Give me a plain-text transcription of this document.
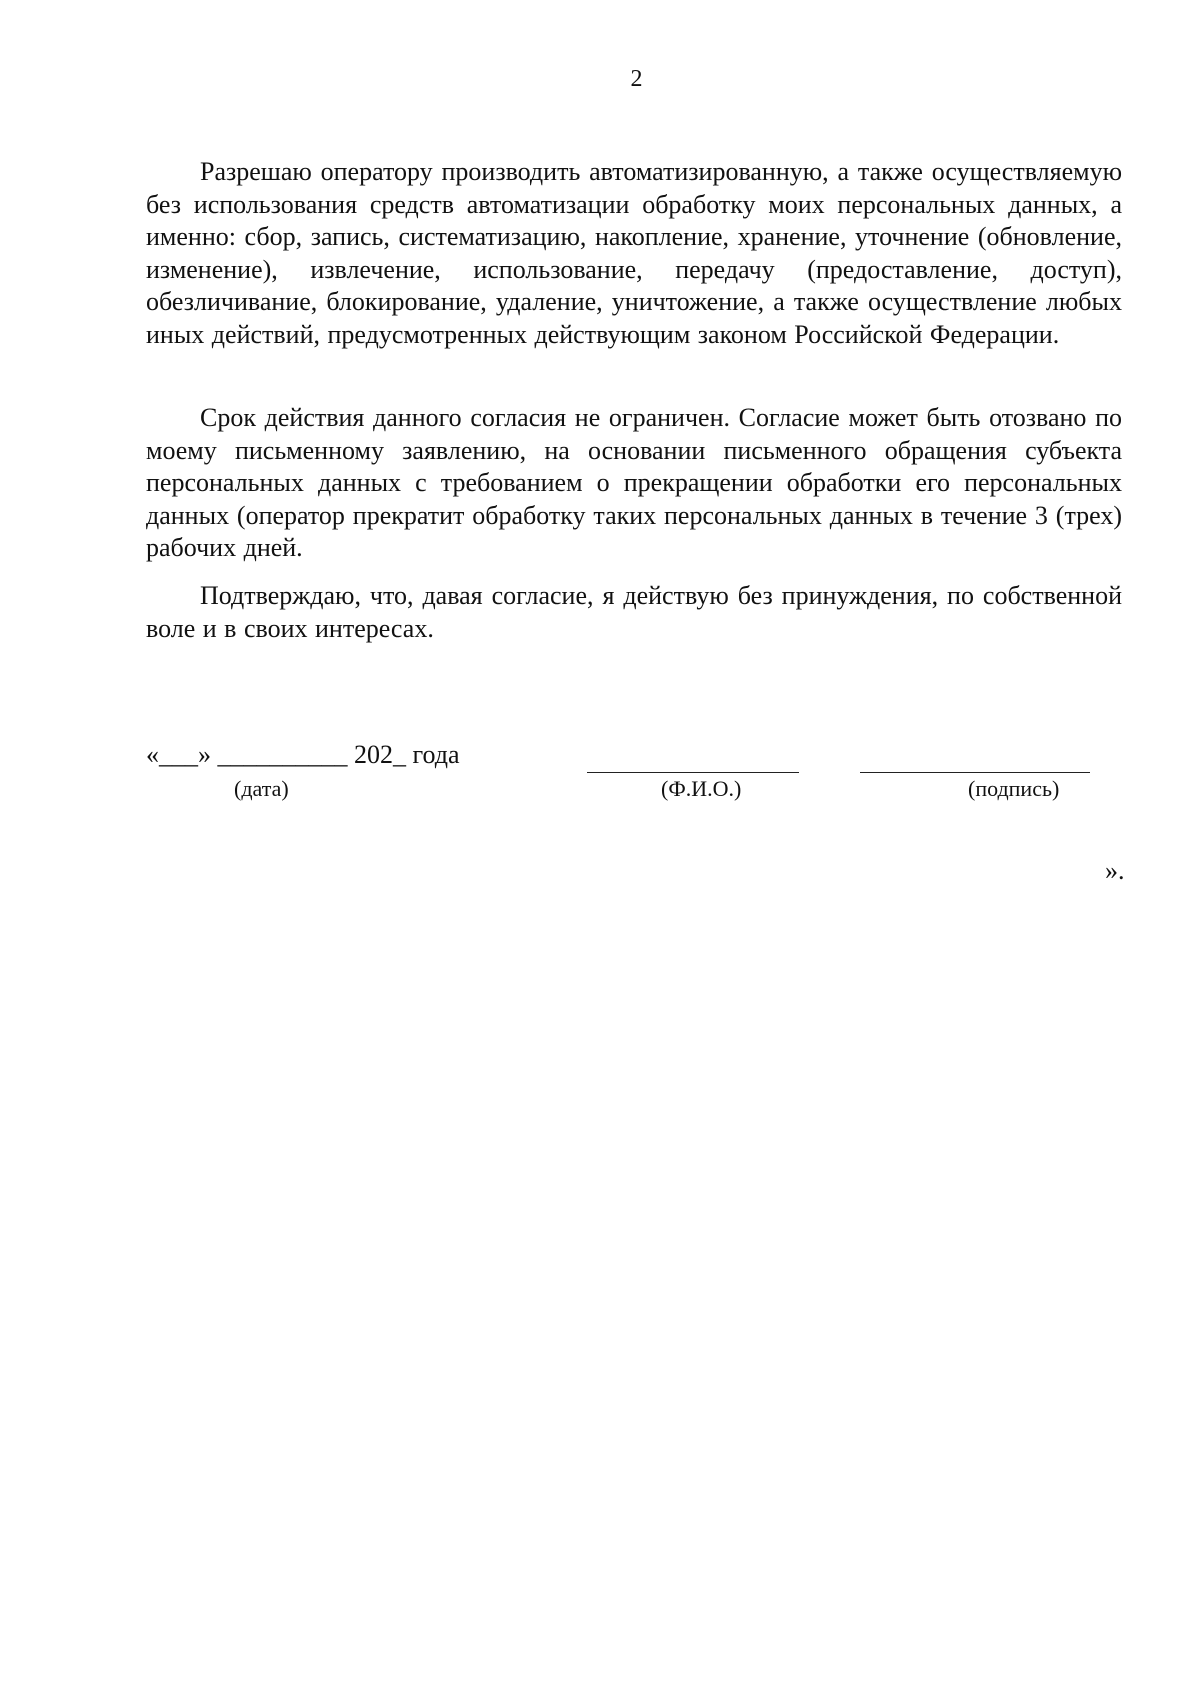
2

Разрешаю оператору производить автоматизированную, а также осуществляемую без использования средств автоматизации обработку моих персональных данных, а именно: сбор, запись, систематизацию, накопление, хранение, уточнение (обновление, изменение), извлечение, использование, передачу (предоставление, доступ), обезличивание, блокирование, удаление, уничтожение, а также осуществление любых иных действий, предусмотренных действующим законом Российской Федерации.

Срок действия данного согласия не ограничен. Согласие может быть отозвано по моему письменному заявлению, на основании письменного обращения субъекта персональных данных с требованием о прекращении обработки его персональных данных (оператор прекратит обработку таких персональных данных в течение 3 (трех) рабочих дней.

Подтверждаю, что, давая согласие, я действую без принуждения, по собственной воле и в своих интересах.

«___» __________ 202_ года
(дата)	(Ф.И.О.)	(подпись)
».
